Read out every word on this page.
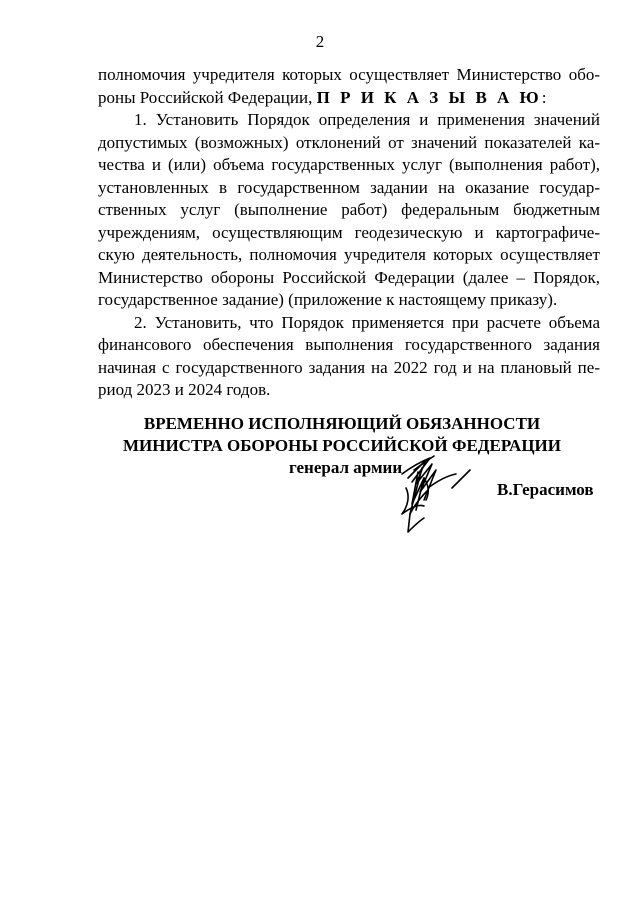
2
полномочия учредителя которых осуществляет Министерство обо-
роны Российской Федерации, П Р И К А З Ы В А Ю:
1. Установить Порядок определения и применения значений
допустимых (возможных) отклонений от значений показателей ка-
чества и (или) объема государственных услуг (выполнения работ),
установленных в государственном задании на оказание государ-
ственных услуг (выполнение работ) федеральным бюджетным
учреждениям, осуществляющим геодезическую и картографиче-
скую деятельность, полномочия учредителя которых осуществляет
Министерство обороны Российской Федерации (далее – Порядок,
государственное задание) (приложение к настоящему приказу).
2. Установить, что Порядок применяется при расчете объема
финансового обеспечения выполнения государственного задания
начиная с государственного задания на 2022 год и на плановый пе-
риод 2023 и 2024 годов.
ВРЕМЕННО ИСПОЛНЯЮЩИЙ ОБЯЗАННОСТИ
МИНИСТРА ОБОРОНЫ РОССИЙСКОЙ ФЕДЕРАЦИИ
генерал армии
В.Герасимов
